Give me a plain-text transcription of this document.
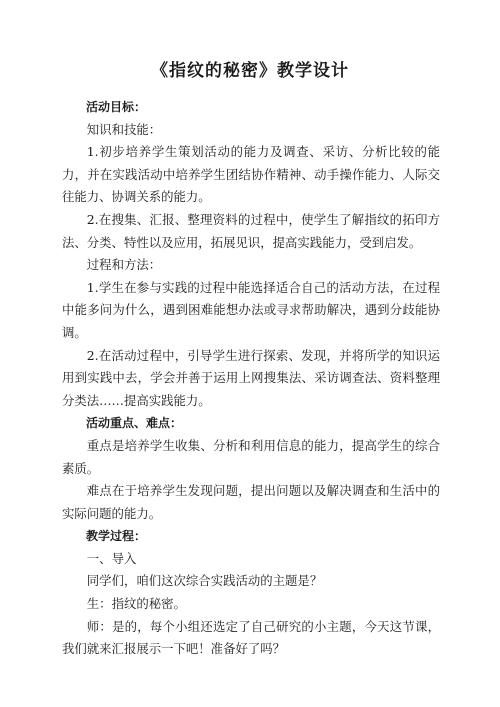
《指纹的秘密》教学设计

活动目标：

知识和技能：

1.初步培养学生策划活动的能力及调查、采访、分析比较的能力，并在实践活动中培养学生团结协作精神、动手操作能力、人际交往能力、协调关系的能力。

2.在搜集、汇报、整理资料的过程中，使学生了解指纹的拓印方法、分类、特性以及应用，拓展见识，提高实践能力，受到启发。

过程和方法：

1.学生在参与实践的过程中能选择适合自己的活动方法，在过程中能多问为什么，遇到困难能想办法或寻求帮助解决，遇到分歧能协调。

2.在活动过程中，引导学生进行探索、发现，并将所学的知识运用到实践中去，学会并善于运用上网搜集法、采访调查法、资料整理分类法……提高实践能力。

活动重点、难点：

重点是培养学生收集、分析和利用信息的能力，提高学生的综合素质。

难点在于培养学生发现问题，提出问题以及解决调查和生活中的实际问题的能力。

教学过程：

一、导入

同学们，咱们这次综合实践活动的主题是？

生：指纹的秘密。

师：是的，每个小组还选定了自己研究的小主题，今天这节课，我们就来汇报展示一下吧！准备好了吗？
